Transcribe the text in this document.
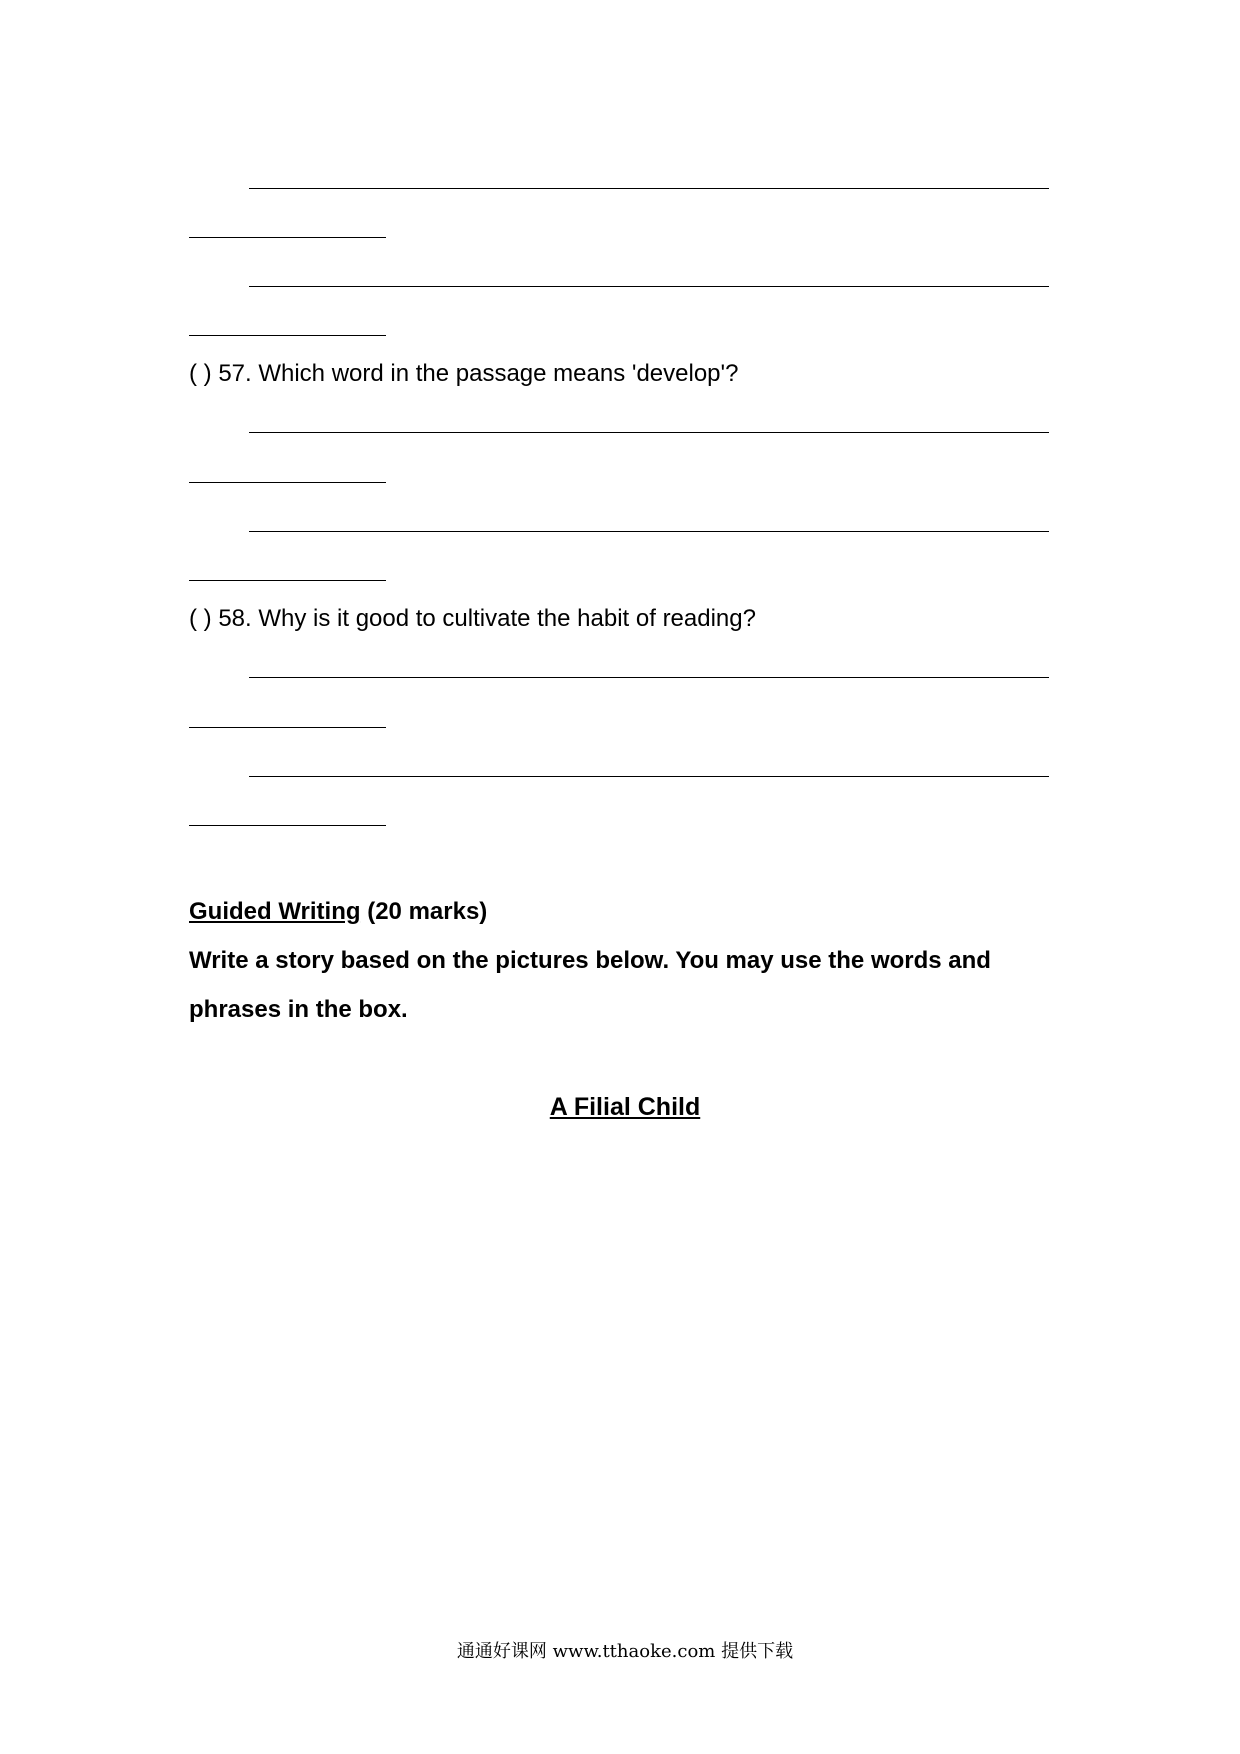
( ) 57. Which word in the passage means 'develop'?
( ) 58. Why is it good to cultivate the habit of reading?
Guided Writing (20 marks)
Write a story based on the pictures below. You may use the words and
phrases in the box.
A Filial Child
通通好课网 www.tthaoke.com 提供下载
